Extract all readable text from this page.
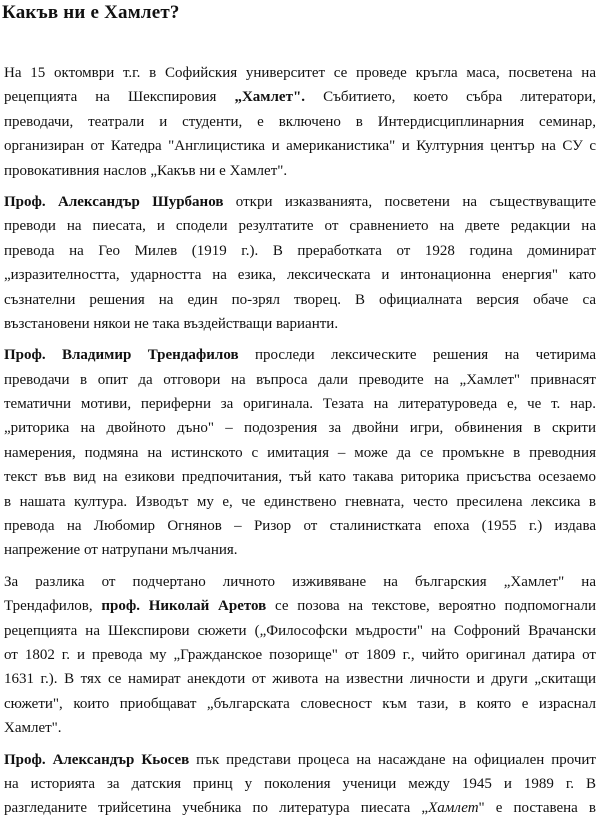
Какъв ни е Хамлет?
На 15 октомври т.г. в Софийския университет се проведе кръгла маса, посветена на
рецепцията на Шекспировия „Хамлет". Събитието, което събра литератори,
преводачи, театрали и студенти, е включено в Интердисциплинарния семинар,
организиран от Катедра "Англицистика и американистика" и Културния център на СУ с
провокативния наслов „Какъв ни е Хамлет".
Проф. Александър Шурбанов откри изказванията, посветени на съществуващите
преводи на пиесата, и сподели резултатите от сравнението на двете редакции на
превода на Гео Милев (1919 г.). В преработката от 1928 година доминират
„изразителността, ударността на езика, лексическата и интонационна енергия" като
съзнателни решения на един по-зрял творец. В официалната версия обаче са
възстановени някои не така въздействащи варианти.
Проф. Владимир Трендафилов проследи лексическите решения на четирима
преводачи в опит да отговори на въпроса дали преводите на „Хамлет" привнасят
тематични мотиви, периферни за оригинала. Тезата на литературоведа е, че т. нар.
„риторика на двойното дъно" – подозрения за двойни игри, обвинения в скрити
намерения, подмяна на истинското с имитация – може да се промъкне в преводния
текст във вид на езикови предпочитания, тъй като такава риторика присъства осезаемо
в нашата култура. Изводът му е, че единствено гневната, често пресилена лексика в
превода на Любомир Огнянов – Ризор от сталинистката епоха (1955 г.) издава
напрежение от натрупани мълчания.
За разлика от подчертано личното изживяване на българския „Хамлет" на
Трендафилов, проф. Николай Аретов се позова на текстове, вероятно подпомогнали
рецепцията на Шекспирови сюжети („Философски мъдрости" на Софроний Врачански
от 1802 г. и превода му „Гражданское позорище" от 1809 г., чийто оригинал датира от
1631 г.). В тях се намират анекдоти от живота на известни личности и други „скитащи
сюжети", които приобщават „българската словесност към тази, в която е израснал
Хамлет".
Проф. Александър Кьосев пък представи процеса на насаждане на официален прочит
на историята за датския принц у поколения ученици между 1945 и 1989 г. В
разгледаните трийсетина учебника по литература пиесата „Хамлет" е поставена в
